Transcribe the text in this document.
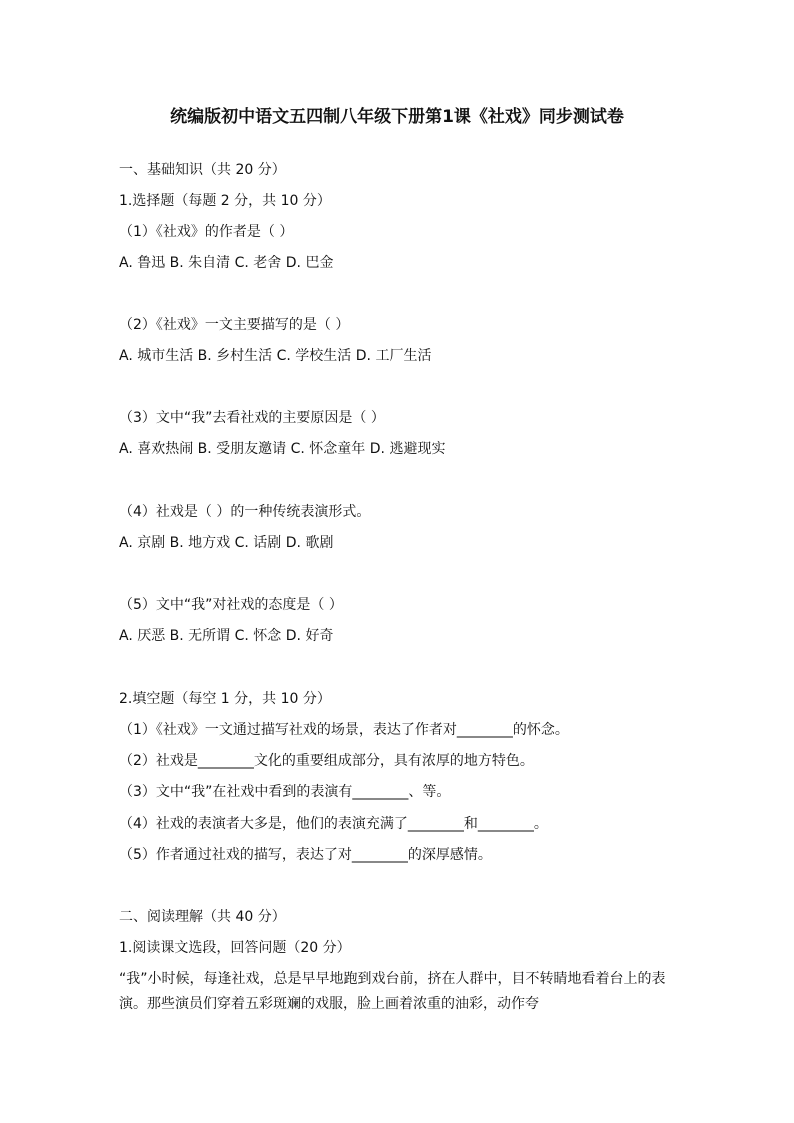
统编版初中语文五四制八年级下册第1课《社戏》同步测试卷
一、基础知识（共 20 分）
1.选择题（每题 2 分，共 10 分）
（1）《社戏》的作者是（ ）
A. 鲁迅 B. 朱自清 C. 老舍 D. 巴金
（2）《社戏》一文主要描写的是（ ）
A. 城市生活 B. 乡村生活 C. 学校生活 D. 工厂生活
（3）文中“我”去看社戏的主要原因是（ ）
A. 喜欢热闹 B. 受朋友邀请 C. 怀念童年 D. 逃避现实
（4）社戏是（ ）的一种传统表演形式。
A. 京剧 B. 地方戏 C. 话剧 D. 歌剧
（5）文中“我”对社戏的态度是（ ）
A. 厌恶 B. 无所谓 C. 怀念 D. 好奇
2.填空题（每空 1 分，共 10 分）
（1）《社戏》一文通过描写社戏的场景，表达了作者对________的怀念。
（2）社戏是________文化的重要组成部分，具有浓厚的地方特色。
（3）文中“我”在社戏中看到的表演有________、等。
（4）社戏的表演者大多是，他们的表演充满了________和________。
（5）作者通过社戏的描写，表达了对________的深厚感情。
二、阅读理解（共 40 分）
1.阅读课文选段，回答问题（20 分）
“我”小时候，每逢社戏，总是早早地跑到戏台前，挤在人群中，目不转睛地看着台上的表演。那些演员们穿着五彩斑斓的戏服，脸上画着浓重的油彩，动作夸
